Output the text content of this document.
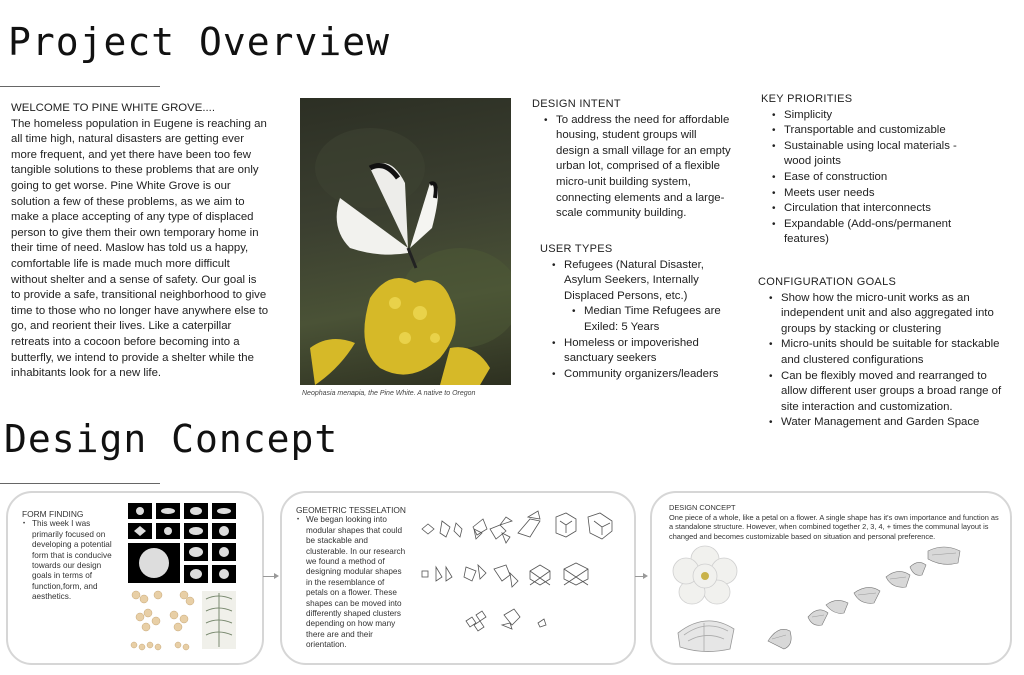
Project Overview
WELCOME TO PINE WHITE GROVE....
The homeless population in Eugene is reaching an all time high, natural disasters are getting ever more frequent, and yet there have been too few tangible solutions to these problems that are only going to get worse. Pine White Grove is our solution a few of these problems, as we aim to make a place accepting of any type of displaced person to give them their own temporary home in their time of need. Maslow has told us a happy, comfortable life is made much more difficult without shelter and a sense of safety. Our goal is to provide a safe, transitional neighborhood to give time to those who no longer have anywhere else to go, and reorient their lives. Like a caterpillar retreats into a cocoon before becoming into a butterfly, we intend to provide a shelter while the inhabitants look for a new life.
Neophasia menapia, the Pine White. A native to Oregon
DESIGN INTENT
• To address the need for affordable housing, student groups will design a small village for an empty urban lot, comprised of a flexible micro-unit building system, connecting elements and a large-scale community building.
USER TYPES
• Refugees (Natural Disaster, Asylum Seekers, Internally Displaced Persons, etc.)
• Median Time Refugees are Exiled: 5 Years
• Homeless or impoverished sanctuary seekers
• Community organizers/leaders
KEY PRIORITIES
• Simplicity
• Transportable and customizable
• Sustainable using local materials - wood joints
• Ease of construction
• Meets user needs
• Circulation that interconnects
• Expandable (Add-ons/permanent features)
CONFIGURATION GOALS
• Show how the micro-unit works as an independent unit and also aggregated into groups by stacking or clustering
• Micro-units should be suitable for stackable and clustered configurations
• Can be flexibly moved and rearranged to allow different user groups a broad range of site interaction and customization.
• Water Management and Garden Space
Design Concept
FORM FINDING
• This week I was primarily focused on developing a potential form that is conducive towards our design goals in terms of function,form, and aesthetics.
GEOMETRIC TESSELATION
• We began looking into modular shapes that could be stackable and clusterable. In our research we found a method of designing modular shapes in the resemblance of petals on a flower. These shapes can be moved into differently shaped clusters depending on how many there are and their orientation.
DESIGN CONCEPT
One piece of a whole, like a petal on a flower. A single shape has it's own importance and function as a standalone structure. However, when combined together 2, 3, 4, + times the communal layout is changed and becomes customizable based on situation and personal preference.
